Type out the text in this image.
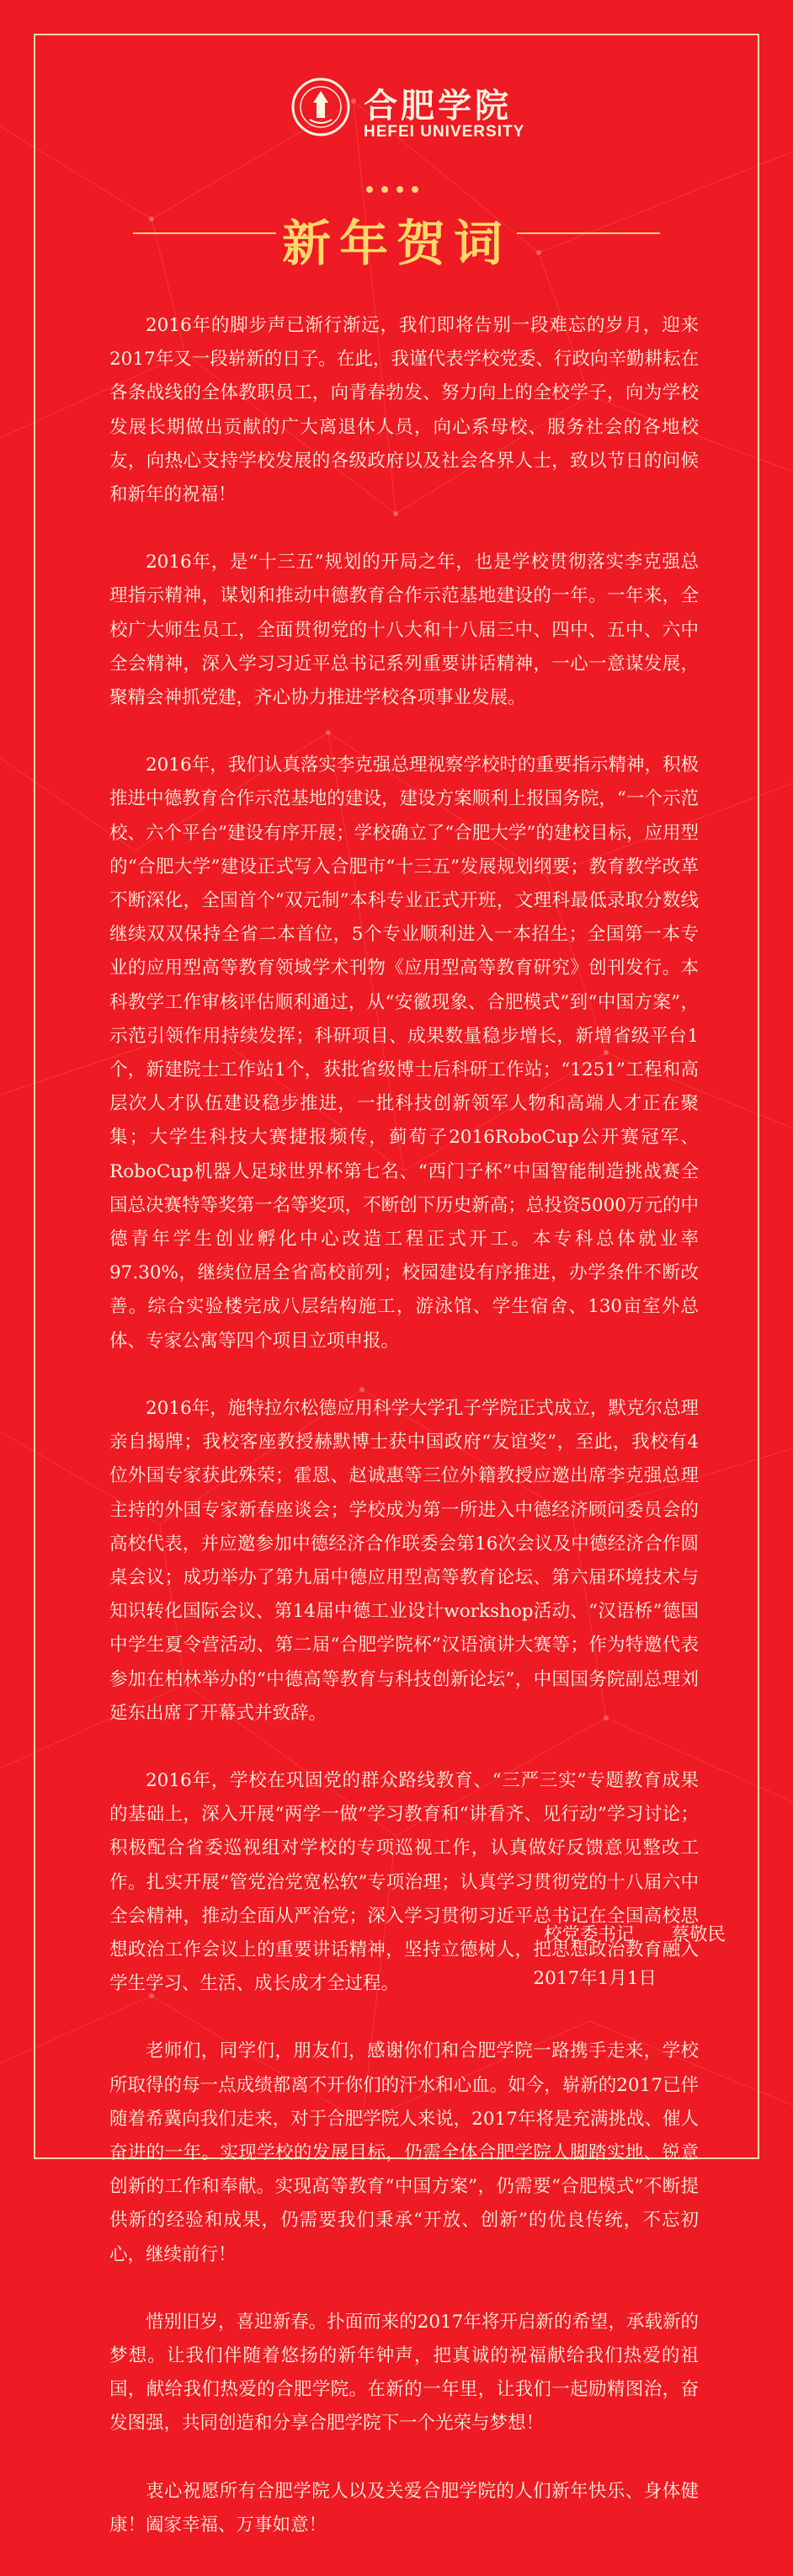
合肥学院
HEFEI UNIVERSITY
新年贺词

2016年的脚步声已渐行渐远，我们即将告别一段难忘的岁月，迎来2017年又一段崭新的日子。在此，我谨代表学校党委、行政向辛勤耕耘在各条战线的全体教职员工，向青春勃发、努力向上的全校学子，向为学校发展长期做出贡献的广大离退休人员，向心系母校、服务社会的各地校友，向热心支持学校发展的各级政府以及社会各界人士，致以节日的问候和新年的祝福！

2016年，是“十三五”规划的开局之年，也是学校贯彻落实李克强总理指示精神，谋划和推动中德教育合作示范基地建设的一年。一年来，全校广大师生员工，全面贯彻党的十八大和十八届三中、四中、五中、六中全会精神，深入学习习近平总书记系列重要讲话精神，一心一意谋发展，聚精会神抓党建，齐心协力推进学校各项事业发展。

2016年，我们认真落实李克强总理视察学校时的重要指示精神，积极推进中德教育合作示范基地的建设，建设方案顺利上报国务院，“一个示范校、六个平台”建设有序开展；学校确立了“合肥大学”的建校目标，应用型的“合肥大学”建设正式写入合肥市“十三五”发展规划纲要；教育教学改革不断深化，全国首个“双元制”本科专业正式开班，文理科最低录取分数线继续双双保持全省二本首位，5个专业顺利进入一本招生；全国第一本专业的应用型高等教育领域学术刊物《应用型高等教育研究》创刊发行。本科教学工作审核评估顺利通过，从“安徽现象、合肥模式”到“中国方案”，示范引领作用持续发挥；科研项目、成果数量稳步增长，新增省级平台1个，新建院士工作站1个，获批省级博士后科研工作站；“1251”工程和高层次人才队伍建设稳步推进，一批科技创新领军人物和高端人才正在聚集；大学生科技大赛捷报频传，蓟荀子2016RoboCup公开赛冠军、RoboCup机器人足球世界杯第七名、“西门子杯”中国智能制造挑战赛全国总决赛特等奖第一名等奖项，不断创下历史新高；总投资5000万元的中德青年学生创业孵化中心改造工程正式开工。本专科总体就业率97.30%，继续位居全省高校前列；校园建设有序推进，办学条件不断改善。综合实验楼完成八层结构施工，游泳馆、学生宿舍、130亩室外总体、专家公寓等四个项目立项申报。

2016年，施特拉尔松德应用科学大学孔子学院正式成立，默克尔总理亲自揭牌；我校客座教授赫默博士获中国政府“友谊奖”，至此，我校有4位外国专家获此殊荣；霍恩、赵诚惠等三位外籍教授应邀出席李克强总理主持的外国专家新春座谈会；学校成为第一所进入中德经济顾问委员会的高校代表，并应邀参加中德经济合作联委会第16次会议及中德经济合作圆桌会议；成功举办了第九届中德应用型高等教育论坛、第六届环境技术与知识转化国际会议、第14届中德工业设计workshop活动、“汉语桥”德国中学生夏令营活动、第二届“合肥学院杯”汉语演讲大赛等；作为特邀代表参加在柏林举办的“中德高等教育与科技创新论坛”，中国国务院副总理刘延东出席了开幕式并致辞。

2016年，学校在巩固党的群众路线教育、“三严三实”专题教育成果的基础上，深入开展“两学一做”学习教育和“讲看齐、见行动”学习讨论；积极配合省委巡视组对学校的专项巡视工作，认真做好反馈意见整改工作。扎实开展“管党治党宽松软”专项治理；认真学习贯彻党的十八届六中全会精神，推动全面从严治党；深入学习贯彻习近平总书记在全国高校思想政治工作会议上的重要讲话精神，坚持立德树人，把思想政治教育融入学生学习、生活、成长成才全过程。

老师们，同学们，朋友们，感谢你们和合肥学院一路携手走来，学校所取得的每一点成绩都离不开你们的汗水和心血。如今，崭新的2017已伴随着希冀向我们走来，对于合肥学院人来说，2017年将是充满挑战、催人奋进的一年。实现学校的发展目标，仍需全体合肥学院人脚踏实地、锐意创新的工作和奉献。实现高等教育“中国方案”，仍需要“合肥模式”不断提供新的经验和成果，仍需要我们秉承“开放、创新”的优良传统，不忘初心，继续前行！

惜别旧岁，喜迎新春。扑面而来的2017年将开启新的希望，承载新的梦想。让我们伴随着悠扬的新年钟声，把真诚的祝福献给我们热爱的祖国，献给我们热爱的合肥学院。在新的一年里，让我们一起励精图治，奋发图强，共同创造和分享合肥学院下一个光荣与梦想！

衷心祝愿所有合肥学院人以及关爱合肥学院的人们新年快乐、身体健康！阖家幸福、万事如意！

校党委书记 蔡敬民
2017年1月1日
